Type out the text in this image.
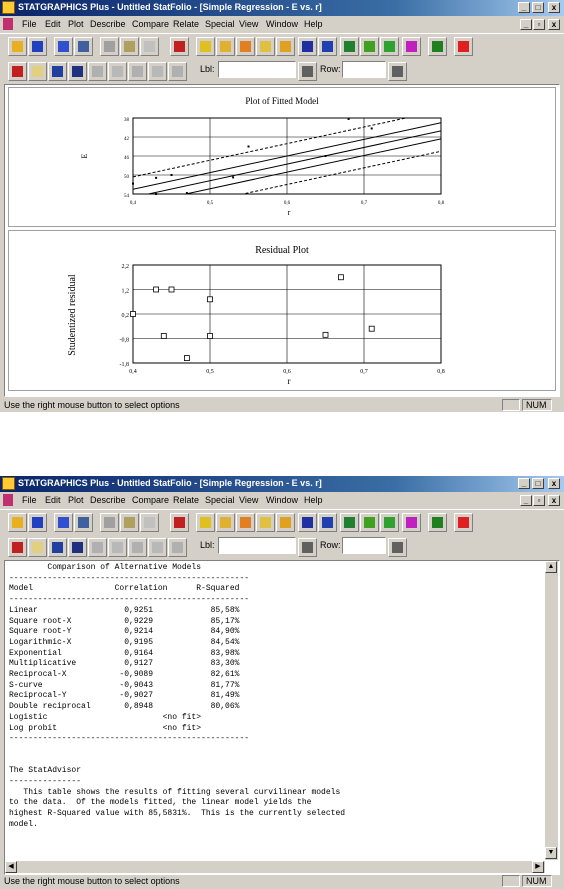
STATGRAPHICS Plus - Untitled StatFolio - [Simple Regression - E vs. r]	_	□	x
File Edit Plot Describe Compare Relate Special View Window Help	_	▫	x
Lbl:	Row:
Plot of Fitted Model
0,4	0,5	0,6	0,7	0,8
38
42
46
50
54
r
E
Residual Plot
0,4	0,5	0,6	0,7	0,8
2,2
1,2
0,2
-0,8
-1,8
r
Studentized residual
Use the right mouse button to select options	NUM
STATGRAPHICS Plus - Untitled StatFolio - [Simple Regression - E vs. r]	_	□	x
File Edit Plot Describe Compare Relate Special View Window Help	_	▫	x
Lbl:	Row:
Comparison of Alternative Models
--------------------------------------------------
Model                 Correlation      R-Squared
--------------------------------------------------
Linear                  0,9251            85,58%
Square root-X           0,9229            85,17%
Square root-Y           0,9214            84,90%
Logarithmic-X           0,9195            84,54%
Exponential             0,9164            83,98%
Multiplicative          0,9127            83,30%
Reciprocal-X           -0,9089            82,61%
S-curve                -0,9043            81,77%
Reciprocal-Y           -0,9027            81,49%
Double reciprocal       0,8948            80,06%
Logistic                        <no fit>
Log probit                      <no fit>
--------------------------------------------------
The StatAdvisor
---------------
This table shows the results of fitting several curvilinear models
to the data.  Of the models fitted, the linear model yields the
highest R-Squared value with 85,5831%.  This is the currently selected
model.
▲
▼
◀	▶
Use the right mouse button to select options	NUM
